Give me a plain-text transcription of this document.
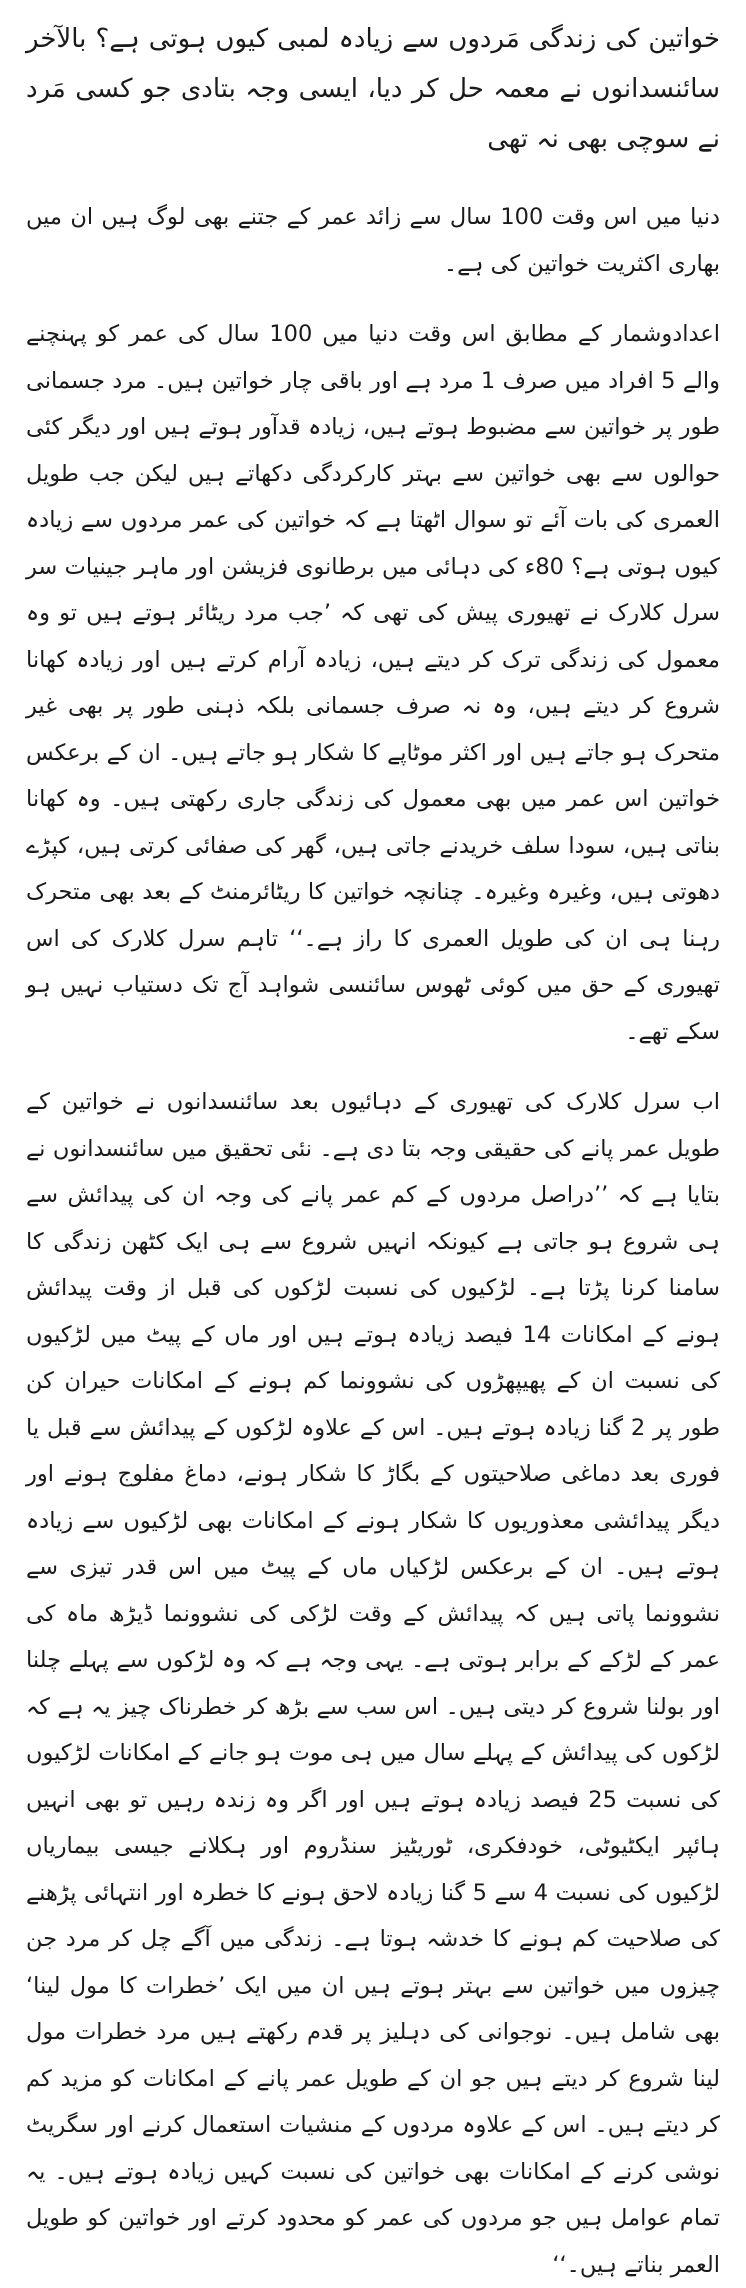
خواتین کی زندگی مَردوں سے زیادہ لمبی کیوں ہوتی ہے؟ بالآخر سائنسدانوں نے معمہ حل کر دیا، ایسی وجہ بتادی جو کسی مَرد نے سوچی بھی نہ تھی

دنیا میں اس وقت 100 سال سے زائد عمر کے جتنے بھی لوگ ہیں ان میں بھاری اکثریت خواتین کی ہے۔

اعدادوشمار کے مطابق اس وقت دنیا میں 100 سال کی عمر کو پہنچنے والے 5 افراد میں صرف 1 مرد ہے اور باقی چار خواتین ہیں۔ مرد جسمانی طور پر خواتین سے مضبوط ہوتے ہیں، زیادہ قدآور ہوتے ہیں اور دیگر کئی حوالوں سے بھی خواتین سے بہتر کارکردگی دکھاتے ہیں لیکن جب طویل العمری کی بات آئے تو سوال اٹھتا ہے کہ خواتین کی عمر مردوں سے زیادہ کیوں ہوتی ہے؟ 80ء کی دہائی میں برطانوی فزیشن اور ماہر جینیات سر سرل کلارک نے تھیوری پیش کی تھی کہ ’جب مرد ریٹائر ہوتے ہیں تو وہ معمول کی زندگی ترک کر دیتے ہیں، زیادہ آرام کرتے ہیں اور زیادہ کھانا شروع کر دیتے ہیں، وہ نہ صرف جسمانی بلکہ ذہنی طور پر بھی غیر متحرک ہو جاتے ہیں اور اکثر موٹاپے کا شکار ہو جاتے ہیں۔ ان کے برعکس خواتین اس عمر میں بھی معمول کی زندگی جاری رکھتی ہیں۔ وہ کھانا بناتی ہیں، سودا سلف خریدنے جاتی ہیں، گھر کی صفائی کرتی ہیں، کپڑے دھوتی ہیں، وغیرہ وغیرہ۔ چنانچہ خواتین کا ریٹائرمنٹ کے بعد بھی متحرک رہنا ہی ان کی طویل العمری کا راز ہے۔‘‘ تاہم سرل کلارک کی اس تھیوری کے حق میں کوئی ٹھوس سائنسی شواہد آج تک دستیاب نہیں ہو سکے تھے۔

اب سرل کلارک کی تھیوری کے دہائیوں بعد سائنسدانوں نے خواتین کے طویل عمر پانے کی حقیقی وجہ بتا دی ہے۔ نئی تحقیق میں سائنسدانوں نے بتایا ہے کہ ’’دراصل مردوں کے کم عمر پانے کی وجہ ان کی پیدائش سے ہی شروع ہو جاتی ہے کیونکہ انہیں شروع سے ہی ایک کٹھن زندگی کا سامنا کرنا پڑتا ہے۔ لڑکیوں کی نسبت لڑکوں کی قبل از وقت پیدائش ہونے کے امکانات 14 فیصد زیادہ ہوتے ہیں اور ماں کے پیٹ میں لڑکیوں کی نسبت ان کے پھیپھڑوں کی نشوونما کم ہونے کے امکانات حیران کن طور پر 2 گنا زیادہ ہوتے ہیں۔ اس کے علاوہ لڑکوں کے پیدائش سے قبل یا فوری بعد دماغی صلاحیتوں کے بگاڑ کا شکار ہونے، دماغ مفلوج ہونے اور دیگر پیدائشی معذوریوں کا شکار ہونے کے امکانات بھی لڑکیوں سے زیادہ ہوتے ہیں۔ ان کے برعکس لڑکیاں ماں کے پیٹ میں اس قدر تیزی سے نشوونما پاتی ہیں کہ پیدائش کے وقت لڑکی کی نشوونما ڈیڑھ ماہ کی عمر کے لڑکے کے برابر ہوتی ہے۔ یہی وجہ ہے کہ وہ لڑکوں سے پہلے چلنا اور بولنا شروع کر دیتی ہیں۔ اس سب سے بڑھ کر خطرناک چیز یہ ہے کہ لڑکوں کی پیدائش کے پہلے سال میں ہی موت ہو جانے کے امکانات لڑکیوں کی نسبت 25 فیصد زیادہ ہوتے ہیں اور اگر وہ زندہ رہیں تو بھی انہیں ہائپر ایکٹیوٹی، خودفکری، ٹوریٹیز سنڈروم اور ہکلانے جیسی بیماریاں لڑکیوں کی نسبت 4 سے 5 گنا زیادہ لاحق ہونے کا خطرہ اور انتہائی پڑھنے کی صلاحیت کم ہونے کا خدشہ ہوتا ہے۔ زندگی میں آگے چل کر مرد جن چیزوں میں خواتین سے بہتر ہوتے ہیں ان میں ایک ’خطرات کا مول لینا‘ بھی شامل ہیں۔ نوجوانی کی دہلیز پر قدم رکھتے ہیں مرد خطرات مول لینا شروع کر دیتے ہیں جو ان کے طویل عمر پانے کے امکانات کو مزید کم کر دیتے ہیں۔ اس کے علاوہ مردوں کے منشیات استعمال کرنے اور سگریٹ نوشی کرنے کے امکانات بھی خواتین کی نسبت کہیں زیادہ ہوتے ہیں۔ یہ تمام عوامل ہیں جو مردوں کی عمر کو محدود کرتے اور خواتین کو طویل العمر بناتے ہیں۔‘‘
